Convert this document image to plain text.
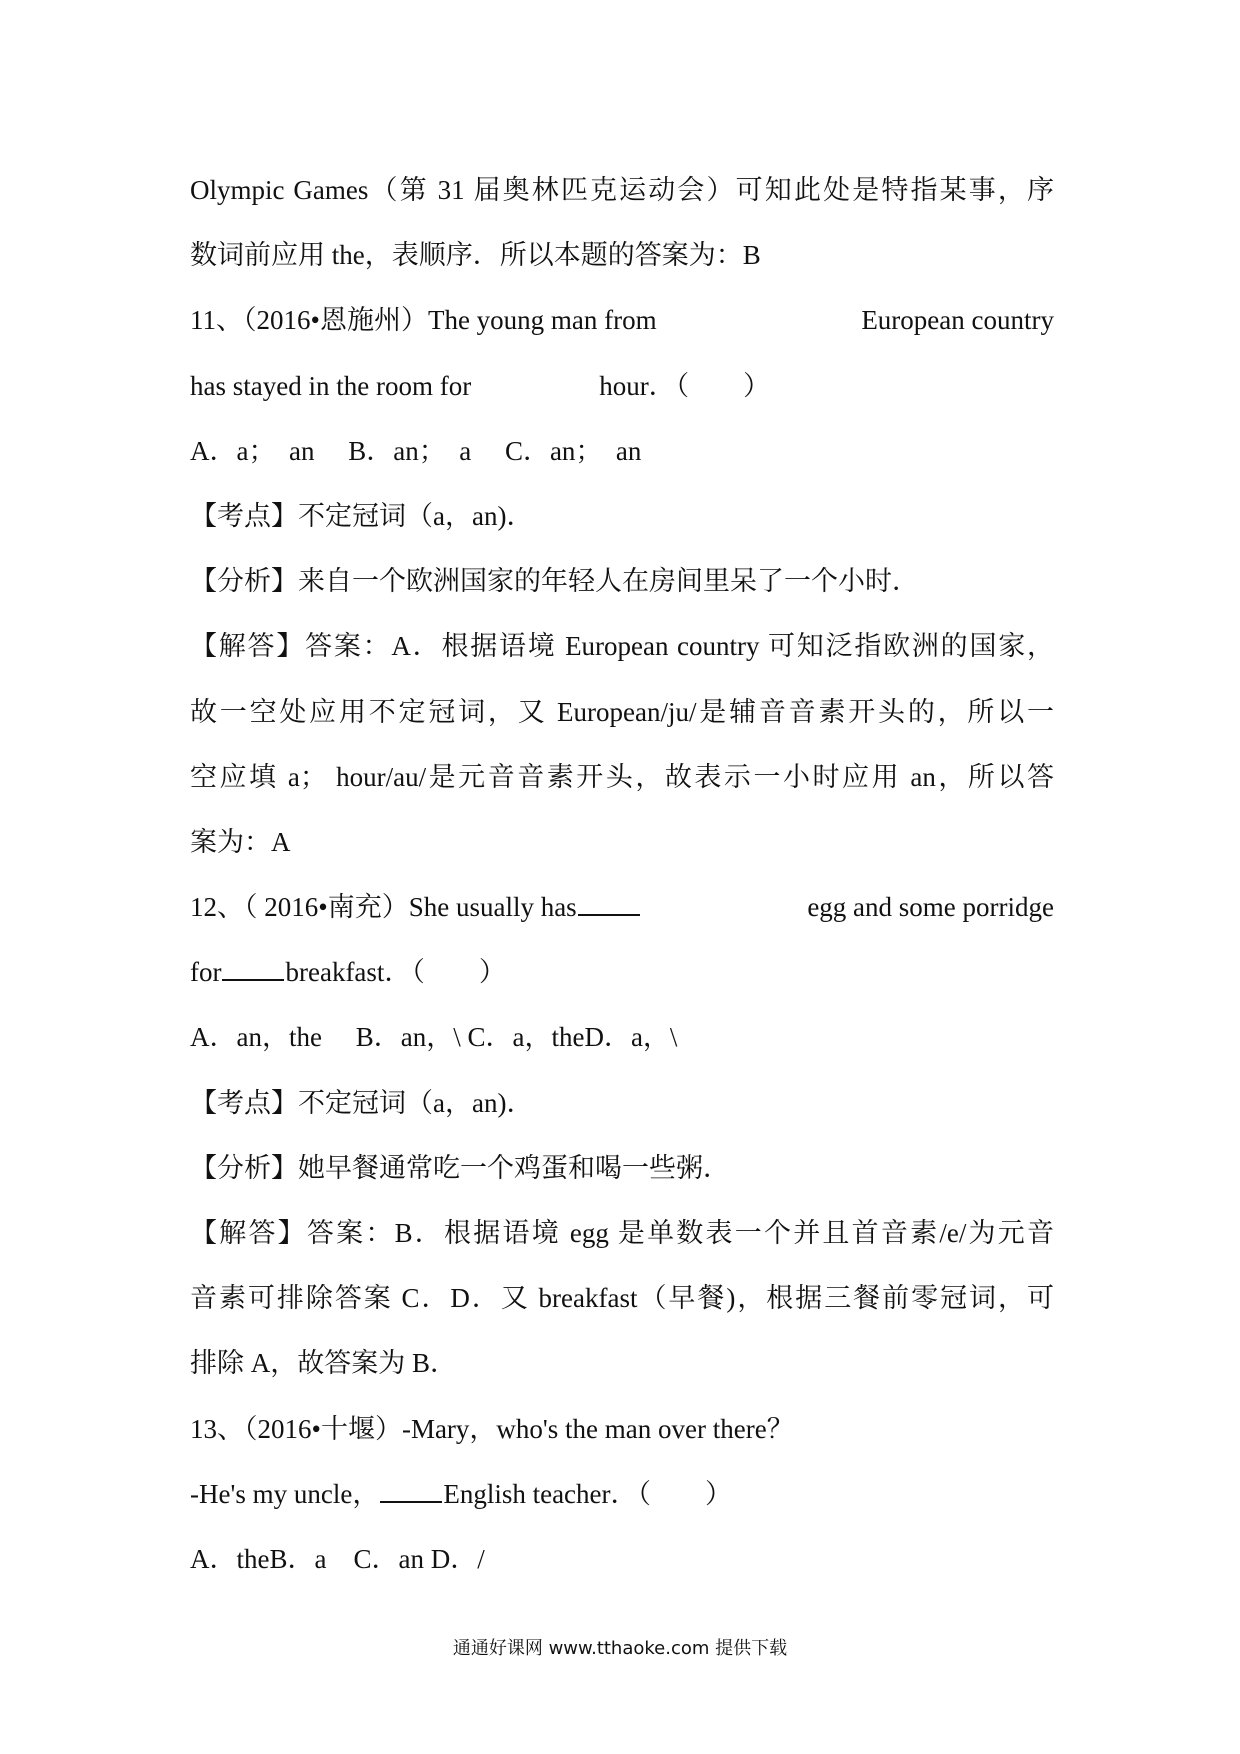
Olympic Games（第 31 届奥林匹克运动会）可知此处是特指某事，序
数词前应用 the，表顺序．所以本题的答案为：B
11、（2016•恩施州）The young man from	European country
has stayed in the room for	hour．（　　）
A．a；　an　 B．an；　a　 C．an；　an
【考点】不定冠词（a，an)．
【分析】来自一个欧洲国家的年轻人在房间里呆了一个小时．
【解答】答案：A．根据语境 European country 可知泛指欧洲的国家，
故一空处应用不定冠词，又 European/ju/是辅音音素开头的，所以一
空应填 a； hour/au/是元音音素开头，故表示一小时应用 an，所以答
案为：A
12、（ 2016•南充）She usually has	egg and some porridge
for breakfast．（　　）
A．an，the　 B．an，\ C．a，theD．a，\
【考点】不定冠词（a，an)．
【分析】她早餐通常吃一个鸡蛋和喝一些粥．
【解答】答案：B．根据语境 egg 是单数表一个并且首音素/e/为元音
音素可排除答案 C．D．又 breakfast（早餐)，根据三餐前零冠词，可
排除 A，故答案为 B．
13、（2016•十堰）-Mary，who's the man over there？
-He's my uncle， English teacher．（　　）
A．theB．a　C．an D．/
通通好课网 www.tthaoke.com 提供下载
